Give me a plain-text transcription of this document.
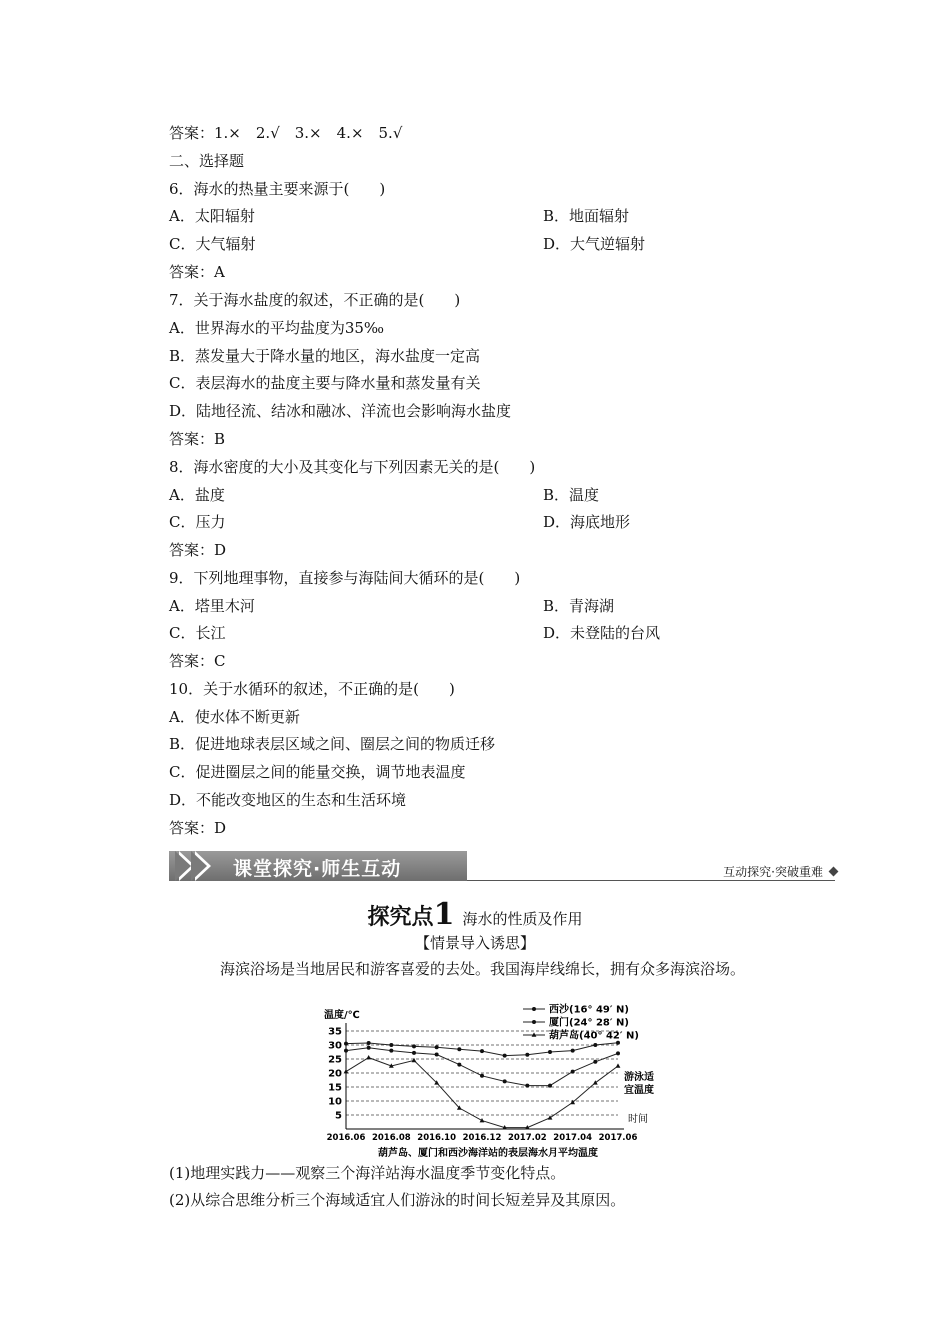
答案：1.×　2.√　3.×　4.×　5.√
二、选择题
6．海水的热量主要来源于(　　)
A．太阳辐射	B．地面辐射
C．大气辐射	D．大气逆辐射
答案：A
7．关于海水盐度的叙述，不正确的是(　　)
A．世界海水的平均盐度为35‰
B．蒸发量大于降水量的地区，海水盐度一定高
C．表层海水的盐度主要与降水量和蒸发量有关
D．陆地径流、结冰和融冰、洋流也会影响海水盐度
答案：B
8．海水密度的大小及其变化与下列因素无关的是(　　)
A．盐度	B．温度
C．压力	D．海底地形
答案：D
9．下列地理事物，直接参与海陆间大循环的是(　　)
A．塔里木河	B．青海湖
C．长江	D．未登陆的台风
答案：C
10．关于水循环的叙述，不正确的是(　　)
A．使水体不断更新
B．促进地球表层区域之间、圈层之间的物质迁移
C．促进圈层之间的能量交换，调节地表温度
D．不能改变地区的生态和生活环境
答案：D
课堂探究·师生互动	互动探究·突破重难
探究点1 海水的性质及作用
【情景导入诱思】
海滨浴场是当地居民和游客喜爱的去处。我国海岸线绵长，拥有众多海滨浴场。
5
10
15
20
25
30
35
2016.06 2016.08 2016.10 2016.12 2017.02 2017.04 2017.06
西沙(16° 49′ N)
厦门(24° 28′ N)
葫芦岛(40° 42′ N)
温度/℃
时间
游泳适
宜温度
葫芦岛、厦门和西沙海洋站的表层海水月平均温度
(1)地理实践力——观察三个海洋站海水温度季节变化特点。
(2)从综合思维分析三个海域适宜人们游泳的时间长短差异及其原因。
